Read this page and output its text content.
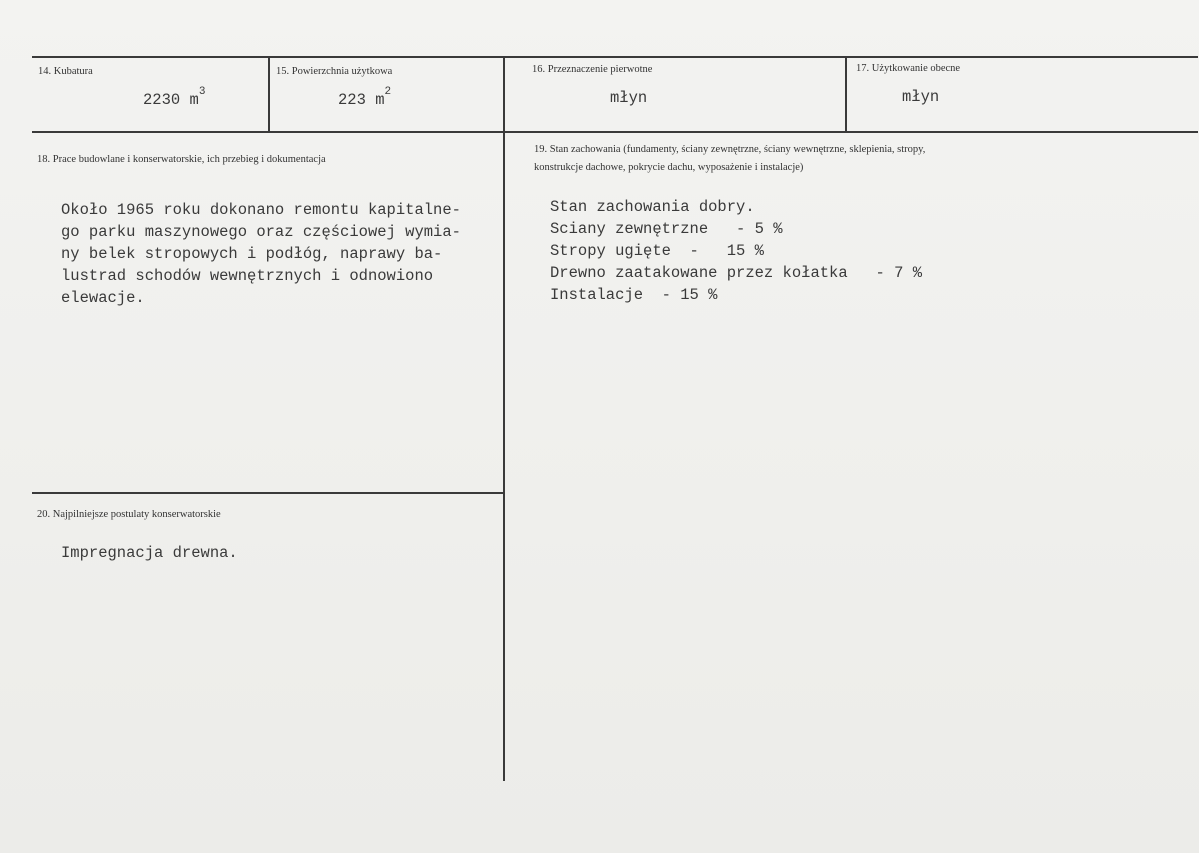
14. Kubatura
2230 $m^3$
15. Powierzchnia użytkowa
223 $m^2$
16. Przeznaczenie pierwotne
młyn
17. Użytkowanie obecne
młyn
18. Prace budowlane i konserwatorskie, ich przebieg i dokumentacja
Około 1965 roku dokonano remontu kapitalne-
go parku maszynowego oraz częściowej wymia-
ny belek stropowych i podłóg, naprawy ba-
lustrad schodów wewnętrznych i odnowiono
elewacje.
19. Stan zachowania (fundamenty, ściany zewnętrzne, ściany wewnętrzne, sklepienia, stropy,
konstrukcje dachowe, pokrycie dachu, wyposażenie i instalacje)
Stan zachowania dobry.
Sciany zewnętrzne   - 5 %
Stropy ugięte  -   15 %
Drewno zaatakowane przez kołatka   - 7 %
Instalacje  - 15 %
20. Najpilniejsze postulaty konserwatorskie
Impregnacja drewna.
